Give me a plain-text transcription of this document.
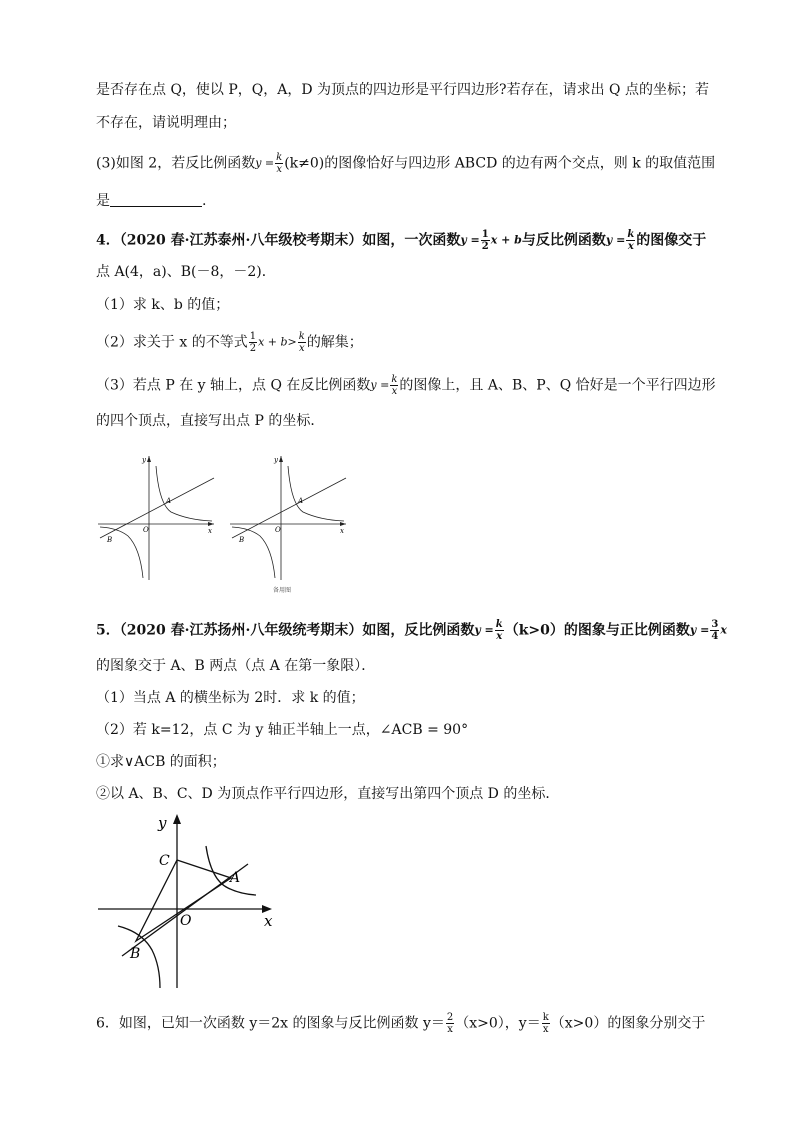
是否存在点 Q，使以 P，Q，A，D 为顶点的四边形是平行四边形?若存在，请求出 Q 点的坐标；若
不存在，请说明理由；
(3)如图 2，若反比例函数$y = \frac{k}{x} (k\ne 0)$的图像恰好与四边形 ABCD 的边有两个交点，则 k 的取值范围
是	.
4．（2020 春·江苏泰州·八年级校考期末）如图，一次函数$y = \frac{1}{2}$ x + b与反比例函数$y = \frac{k}{x}$ 的图像交于
点 A(4，a)、B(－8，－2)．
（1）求 k、b 的值；
（2）求关于 x 的不等式 $\frac{1}{2}$ $x + b> \frac{k}{x}$ 的解集；
（3）若点 P 在 y 轴上，点 Q 在反比例函数$y = \frac{k}{x}$ 的图像上，且 A、B、P、Q 恰好是一个平行四边形
的四个顶点，直接写出点 P 的坐标．
y
x
O
A
B
y
x
O
A
B
备用图
5．（2020 春·江苏扬州·八年级统考期末）如图，反比例函数$y = \frac{k}{x} (k>0)$的图象与正比例函数$y = \frac{3}{4}$ x
的图象交于 A、B 两点（点 A 在第一象限）．
（1）当点 A 的横坐标为 2时．求 k 的值；
（2）若 k=12，点 C 为 y 轴正半轴上一点，∠ACB = 90°
①求∨ACB 的面积；
②以 A、B、C、D 为顶点作平行四边形，直接写出第四个顶点 D 的坐标．
y
x
O
C
A
B
6．如图，已知一次函数 y＝2x 的图象与反比例函数 $y= \frac{2}{x} (x>0)$，$y= \frac{k}{x} (x>0)$的图象分别交于
